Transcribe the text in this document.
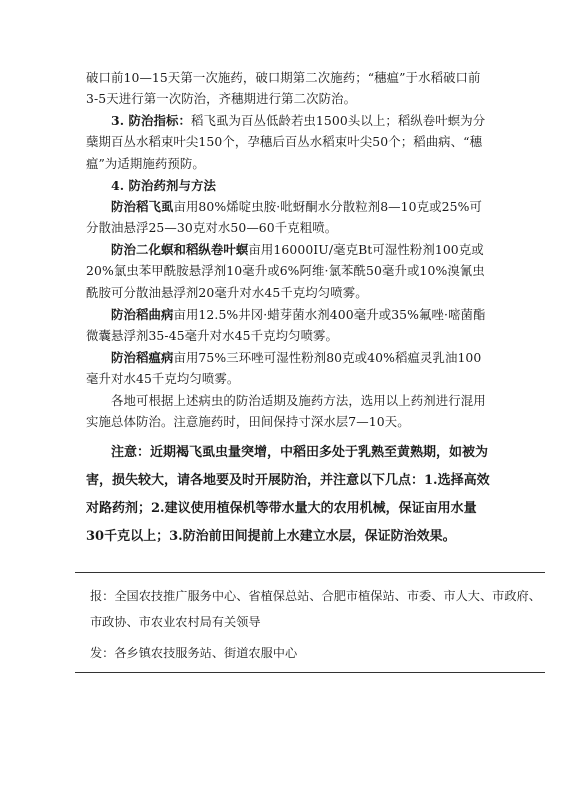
破口前10—15天第一次施药，破口期第二次施药；“穗瘟”于水稻破口前3-5天进行第一次防治，齐穗期进行第二次防治。

3. 防治指标：稻飞虱为百丛低龄若虫1500头以上；稻纵卷叶螟为分蘖期百丛水稻束叶尖150个，孕穗后百丛水稻束叶尖50个；稻曲病、“穗瘟”为适期施药预防。

4. 防治药剂与方法

防治稻飞虱亩用80%烯啶虫胺·吡蚜酮水分散粒剂8—10克或25%可分散油悬浮25—30克对水50—60千克粗喷。

防治二化螟和稻纵卷叶螟亩用16000IU/毫克Bt可湿性粉剂100克或20%氯虫苯甲酰胺悬浮剂10毫升或6%阿维·氯苯酰50毫升或10%溴氰虫酰胺可分散油悬浮剂20毫升对水45千克均匀喷雾。

防治稻曲病亩用12.5%井冈·蜡芽菌水剂400毫升或35%氟唑·嘧菌酯微囊悬浮剂35-45毫升对水45千克均匀喷雾。

防治稻瘟病亩用75%三环唑可湿性粉剂80克或40%稻瘟灵乳油100毫升对水45千克均匀喷雾。

各地可根据上述病虫的防治适期及施药方法，选用以上药剂进行混用实施总体防治。注意施药时，田间保持寸深水层7—10天。

注意：近期褐飞虱虫量突增，中稻田多处于乳熟至黄熟期，如被为害，损失较大，请各地要及时开展防治，并注意以下几点：1.选择高效对路药剂；2.建议使用植保机等带水量大的农用机械，保证亩用水量30千克以上；3.防治前田间提前上水建立水层，保证防治效果。

报：全国农技推广服务中心、省植保总站、合肥市植保站、市委、市人大、市政府、市政协、市农业农村局有关领导

发：各乡镇农技服务站、街道农服中心
